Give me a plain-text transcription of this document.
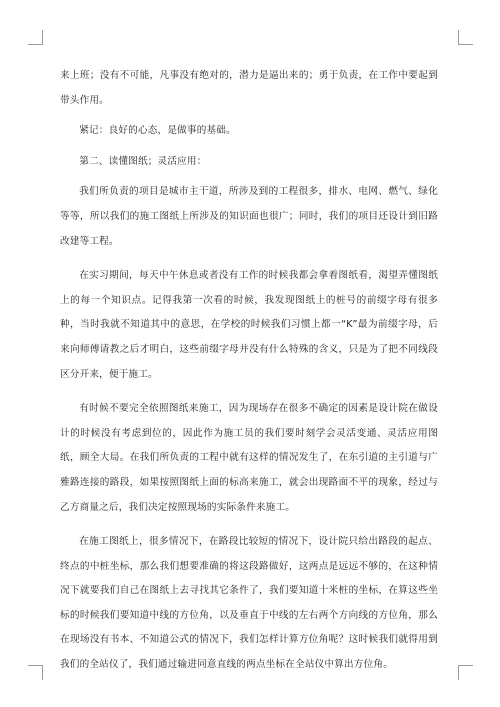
来上班；没有不可能，凡事没有绝对的，潜力是逼出来的；勇于负责，在工作中要起到带头作用。

紧记：良好的心态，是做事的基础。

第二、读懂图纸；灵活应用：

我们所负责的项目是城市主干道，所涉及到的工程很多，排水、电网、燃气、绿化等等，所以我们的施工图纸上所涉及的知识面也很广；同时，我们的项目还设计到旧路改建等工程。

在实习期间，每天中午休息或者没有工作的时候我都会拿着图纸看，渴望弄懂图纸上的每一个知识点。记得我第一次看的时候，我发现图纸上的桩号的前缀字母有很多种，当时我就不知道其中的意思，在学校的时候我们习惯上都一“K”最为前缀字母，后来向师傅请教之后才明白，这些前缀字母并没有什么特殊的含义，只是为了把不同线段区分开来，便于施工。

有时候不要完全依照图纸来施工，因为现场存在很多不确定的因素是设计院在做设计的时候没有考虑到位的，因此作为施工员的我们要时刻学会灵活变通、灵活应用图纸，顾全大局。在我们所负责的工程中就有这样的情况发生了，在东引道的主引道与广雅路连接的路段，如果按照图纸上面的标高来施工，就会出现路面不平的现象，经过与乙方商量之后，我们决定按照现场的实际条件来施工。

在施工图纸上，很多情况下，在路段比较短的情况下，设计院只给出路段的起点、终点的中桩坐标，那么我们想要准确的将这段路做好，这两点是远远不够的，在这种情况下就要我们自己在图纸上去寻找其它条件了，我们要知道十米桩的坐标，在算这些坐标的时候我们要知道中线的方位角，以及垂直于中线的左右两个方向线的方位角，那么在现场没有书本、不知道公式的情况下，我们怎样计算方位角呢？这时候我们就得用到我们的全站仪了，我们通过输进同意直线的两点坐标在全站仪中算出方位角。
